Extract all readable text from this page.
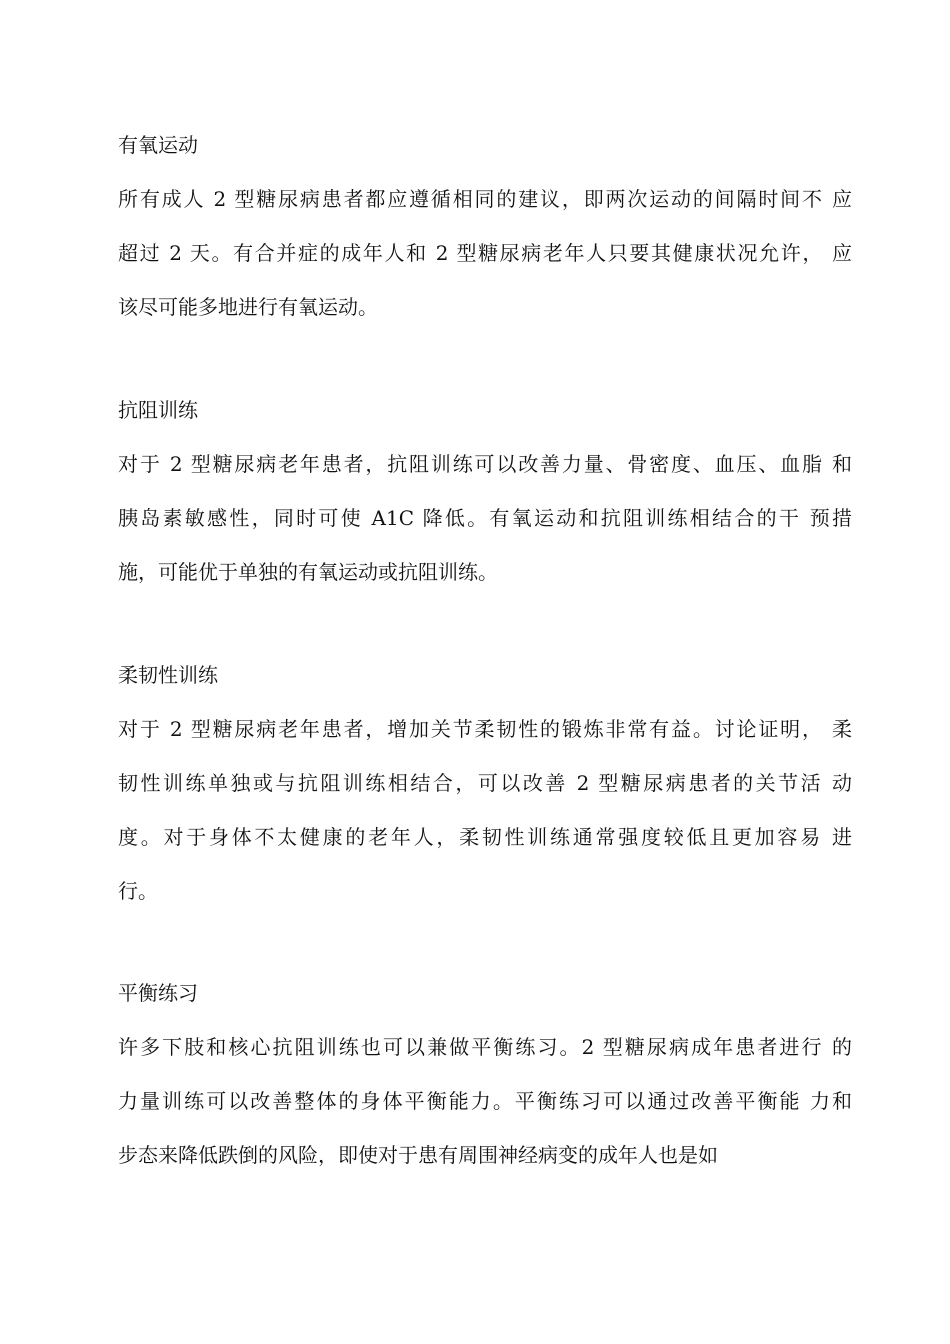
有氧运动
所有成人 2 型糖尿病患者都应遵循相同的建议，即两次运动的间隔时间不 应
超过 2 天。有合并症的成年人和 2 型糖尿病老年人只要其健康状况允许， 应
该尽可能多地进行有氧运动。
抗阻训练
对于 2 型糖尿病老年患者，抗阻训练可以改善力量、骨密度、血压、血脂 和
胰岛素敏感性，同时可使 A1C 降低。有氧运动和抗阻训练相结合的干 预措
施，可能优于单独的有氧运动或抗阻训练。
柔韧性训练
对于 2 型糖尿病老年患者，增加关节柔韧性的锻炼非常有益。讨论证明， 柔
韧性训练单独或与抗阻训练相结合，可以改善 2 型糖尿病患者的关节活 动
度。对于身体不太健康的老年人，柔韧性训练通常强度较低且更加容易 进
行。
平衡练习
许多下肢和核心抗阻训练也可以兼做平衡练习。2 型糖尿病成年患者进行 的
力量训练可以改善整体的身体平衡能力。平衡练习可以通过改善平衡能 力和
步态来降低跌倒的风险，即使对于患有周围神经病变的成年人也是如
